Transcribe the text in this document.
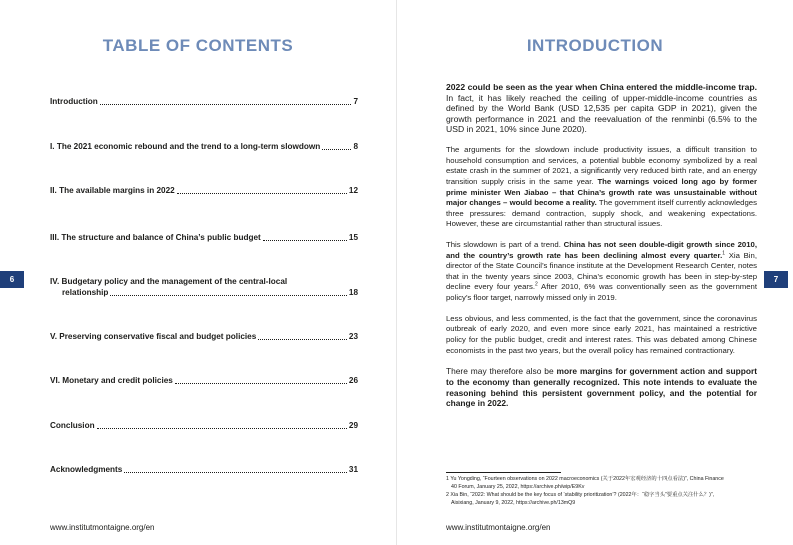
TABLE OF CONTENTS
Introduction	7
I. The 2021 economic rebound and the trend to a long-term slowdown	8
II. The available margins in 2022	12
III. The structure and balance of China’s public budget	15
IV. Budgetary policy and the management of the central-local
relationship	18
V. Preserving conservative fiscal and budget policies	23
VI. Monetary and credit policies	26
Conclusion	29
Acknowledgments	31
www.institutmontaigne.org/en
6
INTRODUCTION

2022 could be seen as the year when China entered the middle-income trap. In fact, it has likely reached the ceiling of upper-middle-income countries as defined by the World Bank (USD 12,535 per capita GDP in 2021), given the growth performance in 2021 and the reevaluation of the renminbi (6.5% to the USD in 2021, 10% since June 2020).

The arguments for the slowdown include productivity issues, a difficult transition to household consumption and services, a potential bubble economy symbolized by a real estate crash in the summer of 2021, a significantly very reduced birth rate, and an energy transition supply crisis in the same year. The warnings voiced long ago by former prime minister Wen Jiabao – that China’s growth rate was unsustainable without major changes – would become a reality. The government itself currently acknowledges three pressures: demand contraction, supply shock, and weakening expectations. However, these are circumstantial rather than structural issues.

This slowdown is part of a trend. China has not seen double-digit growth since 2010, and the country’s growth rate has been declining almost every quarter.$^1$ Xia Bin, director of the State Council’s finance institute at the Development Research Center, notes that in the twenty years since 2003, China’s economic growth has been in step-by-step decline every four years.$^2$ After 2010, 6% was conventionally seen as the government policy’s floor target, narrowly missed only in 2019.

Less obvious, and less commented, is the fact that the government, since the coronavirus outbreak of early 2020, and even more since early 2021, has maintained a restrictive policy for the public budget, credit and interest rates. This was debated among Chinese economists in the past two years, but the overall policy has remained contractionary.

There may therefore also be more margins for government action and support to the economy than generally recognized. This note intends to evaluate the reasoning behind this persistent government policy, and the potential for change in 2022.

1 Yu Yongding, “Fourteen observations on 2022 macroeconomics (关于2022年宏观经济的十四点看法)”, China Finance
40 Forum, January 25, 2022, https://archive.ph/wip/E9Kv
2 Xia Bin, “2022: What should be the key focus of ‘stability prioritization’? (2022年：“稳字当头”要重点关注什么？)”,
Aisixiang, January 9, 2022, https://archive.ph/13mQ9
www.institutmontaigne.org/en
7
